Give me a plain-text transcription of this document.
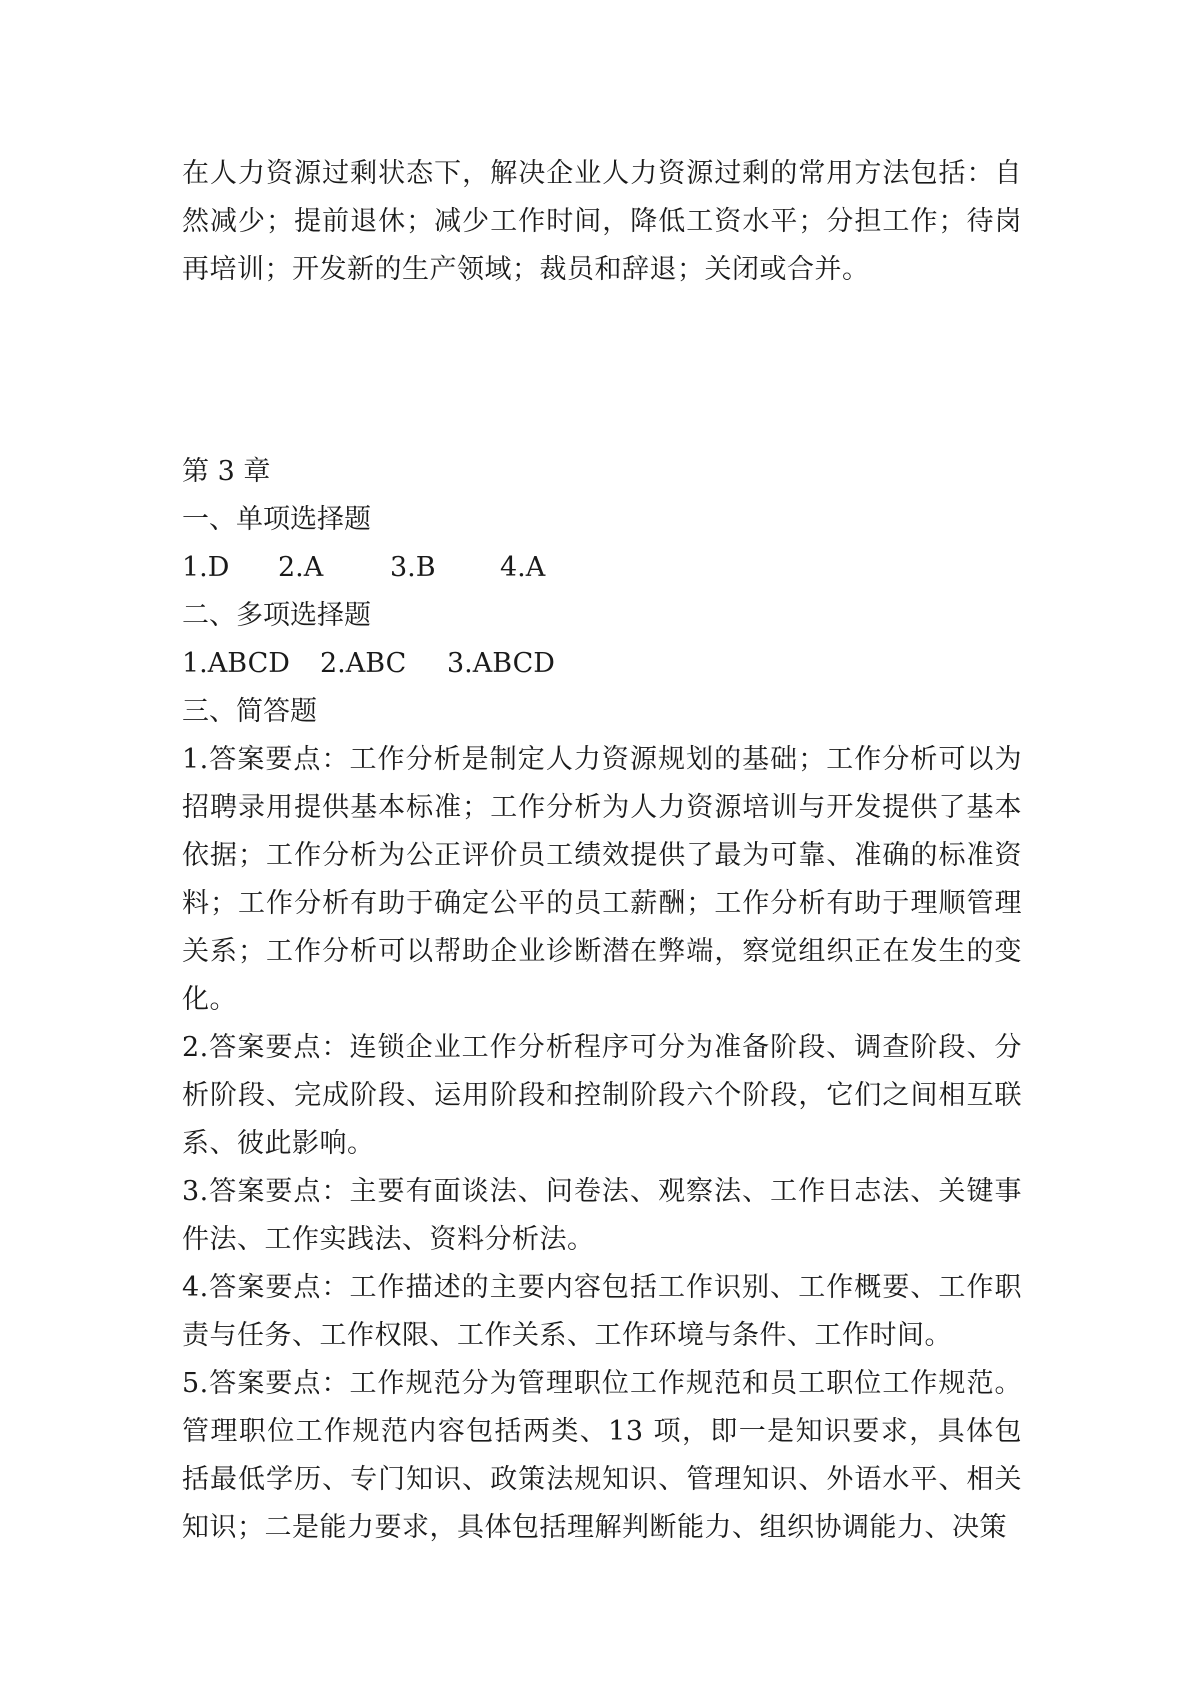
在人力资源过剩状态下，解决企业人力资源过剩的常用方法包括：自然减少；提前退休；减少工作时间，降低工资水平；分担工作；待岗再培训；开发新的生产领域；裁员和辞退；关闭或合并。

第 3 章

一、单项选择题

1.D 2.A 3.B 4.A

二、多项选择题

1.ABCD 2.ABC 3.ABCD

三、简答题

1.答案要点：工作分析是制定人力资源规划的基础；工作分析可以为招聘录用提供基本标准；工作分析为人力资源培训与开发提供了基本依据；工作分析为公正评价员工绩效提供了最为可靠、准确的标准资料；工作分析有助于确定公平的员工薪酬；工作分析有助于理顺管理关系；工作分析可以帮助企业诊断潜在弊端，察觉组织正在发生的变化。

2.答案要点：连锁企业工作分析程序可分为准备阶段、调查阶段、分析阶段、完成阶段、运用阶段和控制阶段六个阶段，它们之间相互联系、彼此影响。

3.答案要点：主要有面谈法、问卷法、观察法、工作日志法、关键事件法、工作实践法、资料分析法。

4.答案要点：工作描述的主要内容包括工作识别、工作概要、工作职责与任务、工作权限、工作关系、工作环境与条件、工作时间。

5.答案要点：工作规范分为管理职位工作规范和员工职位工作规范。管理职位工作规范内容包括两类、13 项，即一是知识要求，具体包括最低学历、专门知识、政策法规知识、管理知识、外语水平、相关知识；二是能力要求，具体包括理解判断能力、组织协调能力、决策
